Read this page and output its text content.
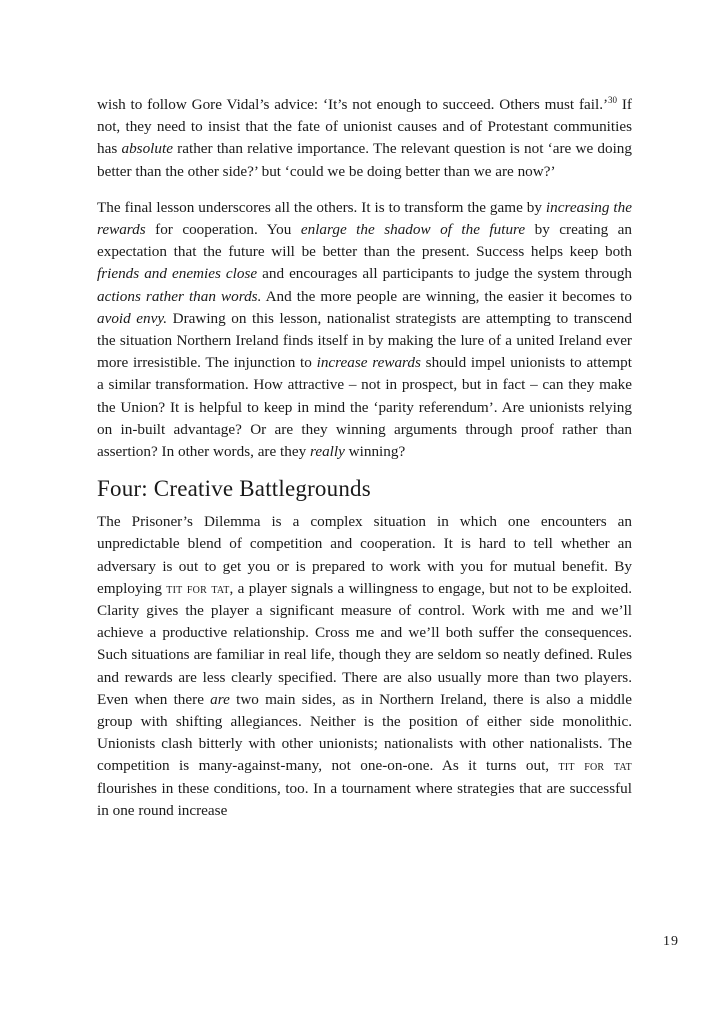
wish to follow Gore Vidal’s advice: ‘It’s not enough to succeed. Others must fail.’$^{30}$ If not, they need to insist that the fate of unionist causes and of Protestant communities has absolute rather than relative importance. The relevant question is not ‘are we doing better than the other side?’ but ‘could we be doing better than we are now?’

The final lesson underscores all the others. It is to transform the game by increasing the rewards for cooperation. You enlarge the shadow of the future by creating an expectation that the future will be better than the present. Success helps keep both friends and enemies close and encourages all participants to judge the system through actions rather than words. And the more people are winning, the easier it becomes to avoid envy. Drawing on this lesson, nationalist strategists are attempting to transcend the situation Northern Ireland finds itself in by making the lure of a united Ireland ever more irresistible. The injunction to increase rewards should impel unionists to attempt a similar transformation. How attractive – not in prospect, but in fact – can they make the Union? It is helpful to keep in mind the ‘parity referendum’. Are unionists relying on in-built advantage? Or are they winning arguments through proof rather than assertion? In other words, are they really winning?

Four: Creative Battlegrounds

The Prisoner’s Dilemma is a complex situation in which one encounters an unpredictable blend of competition and cooperation. It is hard to tell whether an adversary is out to get you or is prepared to work with you for mutual benefit. By employing tit for tat, a player signals a willingness to engage, but not to be exploited. Clarity gives the player a significant measure of control. Work with me and we’ll achieve a productive relationship. Cross me and we’ll both suffer the consequences. Such situations are familiar in real life, though they are seldom so neatly defined. Rules and rewards are less clearly specified. There are also usually more than two players. Even when there are two main sides, as in Northern Ireland, there is also a middle group with shifting allegiances. Neither is the position of either side monolithic. Unionists clash bitterly with other unionists; nationalists with other nationalists. The competition is many-against-many, not one-on-one. As it turns out, tit for tat flourishes in these conditions, too. In a tournament where strategies that are successful in one round increase

19
